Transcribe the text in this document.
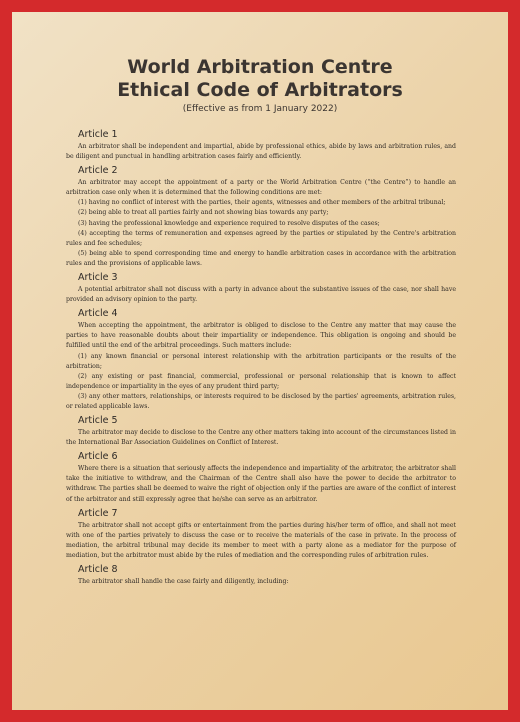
World Arbitration Centre
Ethical Code of Arbitrators
(Effective as from 1 January 2022)
Article 1

An arbitrator shall be independent and impartial, abide by professional ethics, abide by laws and arbitration rules, and be diligent and punctual in handling arbitration cases fairly and efficiently.

Article 2

An arbitrator may accept the appointment of a party or the World Arbitration Centre (“the Centre”) to handle an arbitration case only when it is determined that the following conditions are met:

(1) having no conflict of interest with the parties, their agents, witnesses and other members of the arbitral tribunal;

(2) being able to treat all parties fairly and not showing bias towards any party;

(3) having the professional knowledge and experience required to resolve disputes of the cases;

(4) accepting the terms of remuneration and expenses agreed by the parties or stipulated by the Centre's arbitration rules and fee schedules;

(5) being able to spend corresponding time and energy to handle arbitration cases in accordance with the arbitration rules and the provisions of applicable laws.

Article 3

A potential arbitrator shall not discuss with a party in advance about the substantive issues of the case, nor shall have provided an advisory opinion to the party.

Article 4

When accepting the appointment, the arbitrator is obliged to disclose to the Centre any matter that may cause the parties to have reasonable doubts about their impartiality or independence. This obligation is ongoing and should be fulfilled until the end of the arbitral proceedings. Such matters include:

(1) any known financial or personal interest relationship with the arbitration participants or the results of the arbitration;

(2) any existing or past financial, commercial, professional or personal relationship that is known to affect independence or impartiality in the eyes of any prudent third party;

(3) any other matters, relationships, or interests required to be disclosed by the parties' agreements, arbitration rules, or related applicable laws.

Article 5

The arbitrator may decide to disclose to the Centre any other matters taking into account of the circumstances listed in the International Bar Association Guidelines on Conflict of Interest.

Article 6

Where there is a situation that seriously affects the independence and impartiality of the arbitrator, the arbitrator shall take the initiative to withdraw, and the Chairman of the Centre shall also have the power to decide the arbitrator to withdraw. The parties shall be deemed to waive the right of objection only if the parties are aware of the conflict of interest of the arbitrator and still expressly agree that he/she can serve as an arbitrator.

Article 7

The arbitrator shall not accept gifts or entertainment from the parties during his/her term of office, and shall not meet with one of the parties privately to discuss the case or to receive the materials of the case in private. In the process of mediation, the arbitral tribunal may decide its member to meet with a party alone as a mediator for the purpose of mediation, but the arbitrator must abide by the rules of mediation and the corresponding rules of arbitration rules.

Article 8

The arbitrator shall handle the case fairly and diligently, including:
